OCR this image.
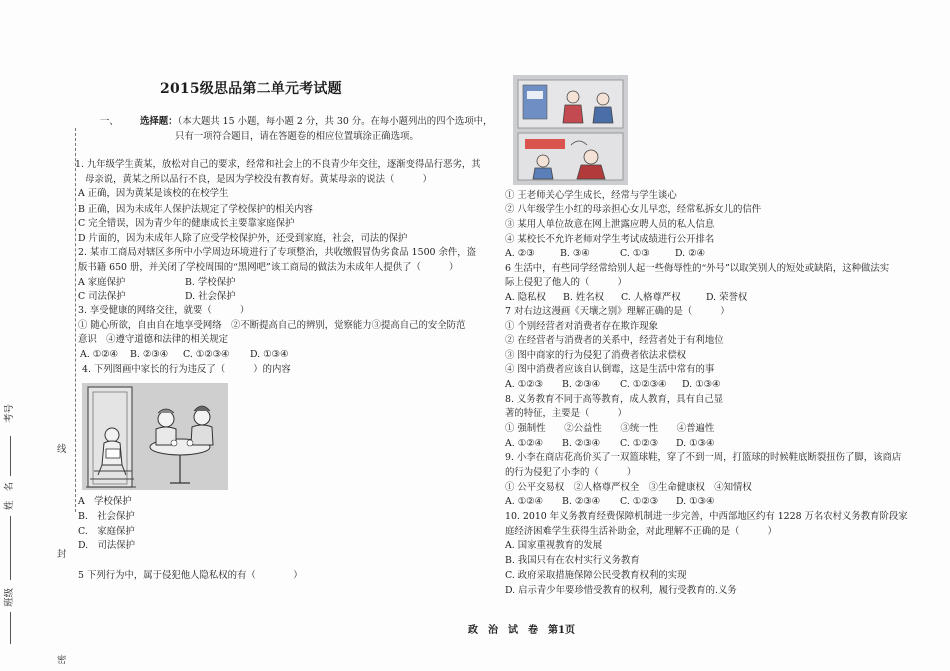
考号
姓　名
班级
线
封
密
2015级思品第二单元考试题
一、 选择题：（本大题共 15 小题，每小题 2 分，共 30 分。在每小题列出的四个选项中，
只有一项符合题目，请在答题卷的相应位置填涂正确选项。
1. 九年级学生黄某，放松对自己的要求，经常和社会上的不良青少年交往，逐渐变得品行恶劣，其
母亲说，黄某之所以品行不良，是因为学校没有教育好。黄某母亲的说法（　　　）
A 正确，因为黄某是该校的在校学生
B 正确，因为未成年人保护法规定了学校保护的相关内容
C 完全错误，因为青少年的健康成长主要靠家庭保护
D 片面的，因为未成年人除了应受学校保护外，还受到家庭，社会，司法的保护
2. 某市工商局对辖区多所中小学周边环境进行了专项整治，共收缴假冒伪劣食品 1500 余件，盗
版书籍 650 册，并关闭了学校周围的“黑网吧”该工商局的做法为未成年人提供了（　　　）
A 家庭保护	B. 学校保护
C 司法保护	D. 社会保护
3. 享受健康的网络交往，就要（　　　）
① 随心所欲，自由自在地享受网络　②不断提高自己的辨别，觉察能力③提高自己的安全防范
意识　④遵守道德和法律的相关规定
A. ①②④ B. ②③④ C. ①②③④ D. ①③④
4. 下列图画中家长的行为违反了（　　　）的内容
A　学校保护
B.　社会保护
C.　家庭保护
D.　司法保护
5 下列行为中，属于侵犯他人隐私权的有（　　　　）
① 王老师关心学生成长，经常与学生谈心
② 八年级学生小红的母亲担心女儿早恋，经常私拆女儿的信件
③ 某用人单位故意在网上泄露应聘人员的私人信息
④ 某校长不允许老师对学生考试成绩进行公开排名
A. ②③	B. ③④	C. ①③	D. ②④
6 生活中，有些同学经常给别人起一些侮辱性的“外号”以取笑别人的短处或缺陷，这种做法实
际上侵犯了他人的（　　　）
A. 隐私权 B. 姓名权 C. 人格尊严权	D. 荣誉权
7 对右边这漫画《天壤之别》理解正确的是（　　　）
① 个别经营者对消费者存在欺诈现象
② 在经营者与消费者的关系中，经营者处于有利地位
③ 图中商家的行为侵犯了消费者依法求偿权
④ 图中消费者应该自认倒霉，这是生活中常有的事
A. ①②③ B. ②③④ C. ①②③④ D. ①③④
8. 义务教育不同于高等教育，成人教育，具有自己显
著的特征，主要是（　　　）
① 强制性　　②公益性　　③统一性　　④普遍性
A. ①②④ B. ②③④ C. ①②③ D. ①③④
9. 小李在商店花高价买了一双篮球鞋，穿了不到一周，打篮球的时候鞋底断裂扭伤了脚，该商店
的行为侵犯了小李的（　　　）
① 公平交易权　②人格尊严权全　③生命健康权　④知情权
A. ①②④ B. ②③④ C. ①②③ D. ①③④
10. 2010 年义务教育经费保障机制进一步完善，中西部地区约有 1228 万名农村义务教育阶段家
庭经济困难学生获得生活补助金，对此理解不正确的是（　　　）
A. 国家重视教育的发展
B. 我国只有在农村实行义务教育
C. 政府采取措施保障公民受教育权利的实现
D. 启示青少年要珍惜受教育的权利，履行受教育的.义务
政　治　试　卷　第1页
